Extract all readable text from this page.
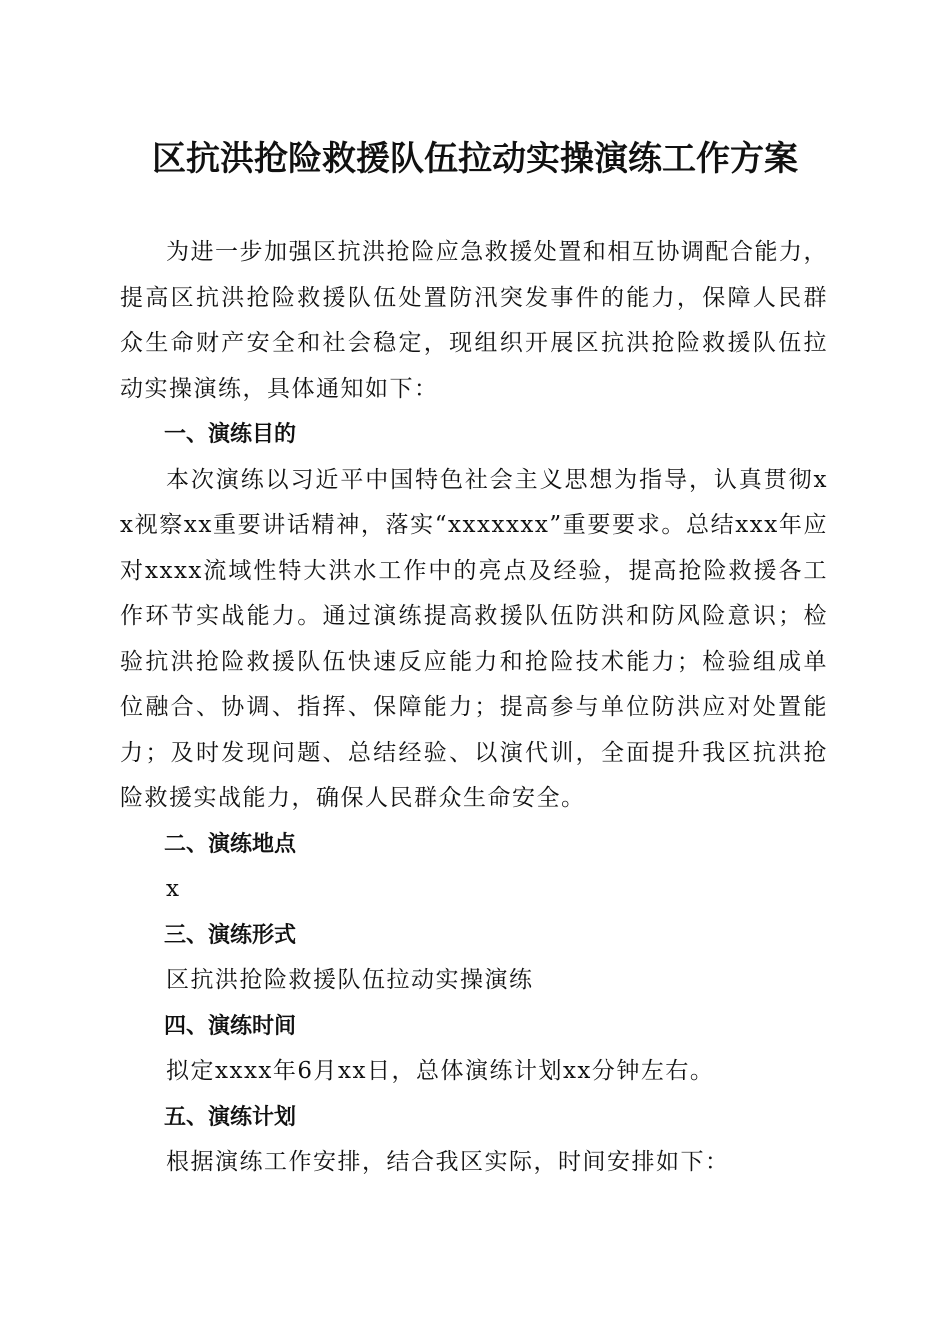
区抗洪抢险救援队伍拉动实操演练工作方案

为进一步加强区抗洪抢险应急救援处置和相互协调配合能力，提高区抗洪抢险救援队伍处置防汛突发事件的能力，保障人民群众生命财产安全和社会稳定，现组织开展区抗洪抢险救援队伍拉动实操演练，具体通知如下：

一、演练目的

本次演练以习近平中国特色社会主义思想为指导，认真贯彻xx视察xx重要讲话精神，落实“xxxxxxx”重要要求。总结xxx年应对xxxx流域性特大洪水工作中的亮点及经验，提高抢险救援各工作环节实战能力。通过演练提高救援队伍防洪和防风险意识；检验抗洪抢险救援队伍快速反应能力和抢险技术能力；检验组成单位融合、协调、指挥、保障能力；提高参与单位防洪应对处置能力；及时发现问题、总结经验、以演代训，全面提升我区抗洪抢险救援实战能力，确保人民群众生命安全。

二、演练地点

x

三、演练形式

区抗洪抢险救援队伍拉动实操演练

四、演练时间

拟定xxxx年6月xx日，总体演练计划xx分钟左右。

五、演练计划

根据演练工作安排，结合我区实际，时间安排如下：
